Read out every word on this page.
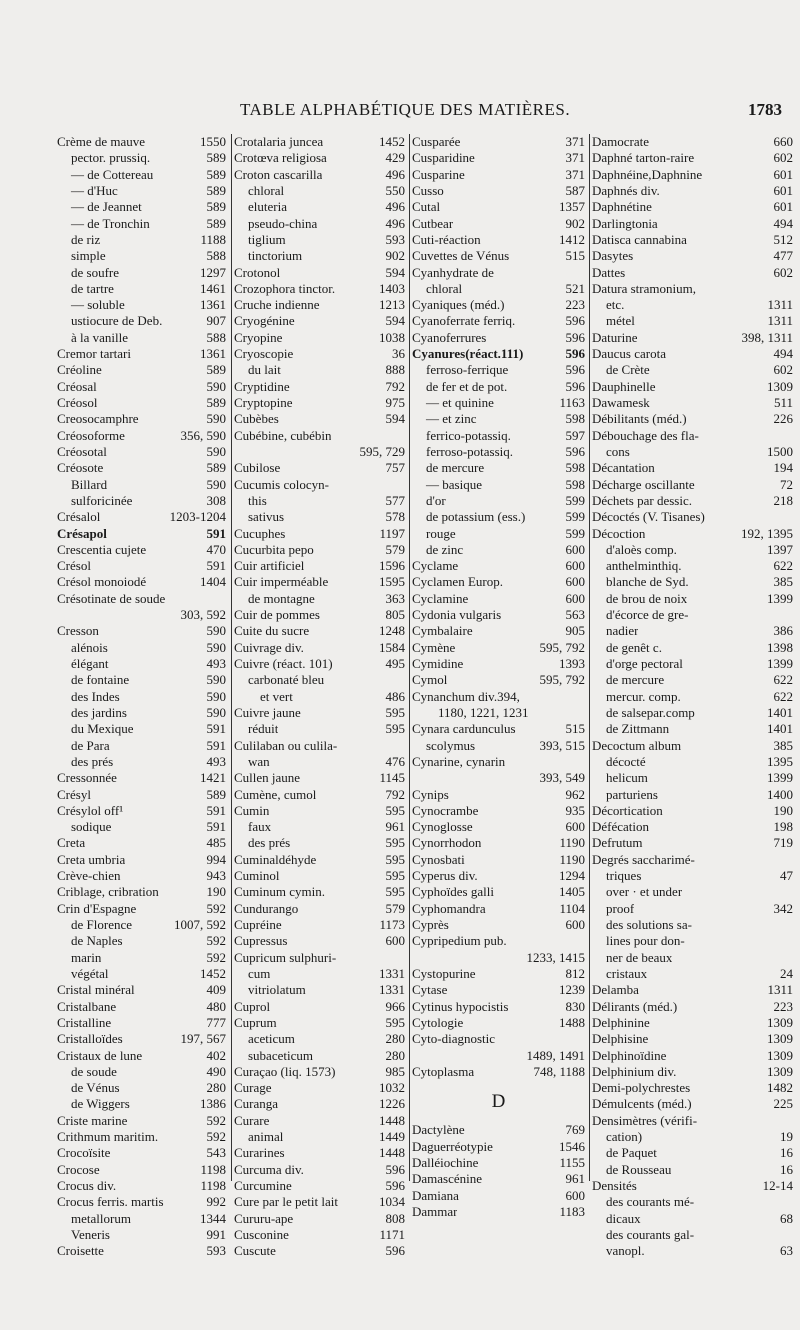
TABLE ALPHABÉTIQUE DES MATIÈRES.	1783
Crème de mauve	1550
pector. prussiq.	589
— de Cottereau	589
— d'Huc	589
— de Jeannet	589
— de Tronchin	589
de riz	1188
simple	588
de soufre	1297
de tartre	1461
— soluble	1361
ustiocure de Deb.	907
à la vanille	588
Cremor tartari	1361
Créoline	589
Créosal	590
Créosol	589
Creosocamphre	590
Créosoforme	356, 590
Créosotal	590
Créosote	589
Billard	590
sulforicinée	308
Crésalol	1203-1204
Crésapol	591
Crescentia cujete	470
Crésol	591
Crésol monoiodé	1404
Crésotinate de soude
303, 592
Cresson	590
alénois	590
élégant	493
de fontaine	590
des Indes	590
des jardins	590
du Mexique	591
de Para	591
des prés	493
Cressonnée	1421
Crésyl	589
Crésylol off¹	591
sodique	591
Creta	485
Creta umbria	994
Crève-chien	943
Criblage, cribration	190
Crin d'Espagne	592
de Florence	1007, 592
de Naples	592
marin	592
végétal	1452
Cristal minéral	409
Cristalbane	480
Cristalline	777
Cristalloïdes	197, 567
Cristaux de lune	402
de soude	490
de Vénus	280
de Wiggers	1386
Criste marine	592
Crithmum maritim.	592
Crocoïsite	543
Crocose	1198
Crocus div.	1198
Crocus ferris. martis	992
metallorum	1344
Veneris	991
Croisette	593
Crotalaria juncea	1452
Crotœva religiosa	429
Croton cascarilla	496
chloral	550
eluteria	496
pseudo-china	496
tiglium	593
tinctorium	902
Crotonol	594
Crozophora tinctor.	1403
Cruche indienne	1213
Cryogénine	594
Cryopine	1038
Cryoscopie	36
du lait	888
Cryptidine	792
Cryptopine	975
Cubèbes	594
Cubébine, cubébin
595, 729
Cubilose	757
Cucumis colocyn-
this	577
sativus	578
Cucuphes	1197
Cucurbita pepo	579
Cuir artificiel	1596
Cuir imperméable	1595
de montagne	363
Cuir de pommes	805
Cuite du sucre	1248
Cuivrage div.	1584
Cuivre (réact. 101)	495
carbonaté bleu
et vert	486
Cuivre jaune	595
réduit	595
Culilaban ou culila-
wan	476
Cullen jaune	1145
Cumène, cumol	792
Cumin	595
faux	961
des prés	595
Cuminaldéhyde	595
Cuminol	595
Cuminum cymin.	595
Cundurango	579
Cupréine	1173
Cupressus	600
Cupricum sulphuri-
cum	1331
vitriolatum	1331
Cuprol	966
Cuprum	595
aceticum	280
subaceticum	280
Curaçao (liq. 1573)	985
Curage	1032
Curanga	1226
Curare	1448
animal	1449
Curarines	1448
Curcuma div.	596
Curcumine	596
Cure par le petit lait	1034
Cururu-ape	808
Cusconine	1171
Cuscute	596
Cusparée	371
Cusparidine	371
Cusparine	371
Cusso	587
Cutal	1357
Cutbear	902
Cuti-réaction	1412
Cuvettes de Vénus	515
Cyanhydrate de
chloral	521
Cyaniques (méd.)	223
Cyanoferrate ferriq.	596
Cyanoferrures	596
Cyanures(réact.111)	596
ferroso-ferrique	596
de fer et de pot.	596
— et quinine	1163
— et zinc	598
ferrico-potassiq.	597
ferroso-potassiq.	596
de mercure	598
— basique	598
d'or	599
de potassium (ess.)	599
rouge	599
de zinc	600
Cyclame	600
Cyclamen Europ.	600
Cyclamine	600
Cydonia vulgaris	563
Cymbalaire	905
Cymène	595, 792
Cymidine	1393
Cymol	595, 792
Cynanchum div.394,
1180, 1221, 1231
Cynara cardunculus	515
scolymus	393, 515
Cynarine, cynarin
393, 549
Cynips	962
Cynocrambe	935
Cynoglosse	600
Cynorrhodon	1190
Cynosbati	1190
Cyperus div.	1294
Cyphoïdes galli	1405
Cyphomandra	1104
Cyprès	600
Cypripedium pub.
1233, 1415
Cystopurine	812
Cytase	1239
Cytinus hypocistis	830
Cytologie	1488
Cyto-diagnostic
1489, 1491
Cytoplasma	748, 1188
D
Dactylène	769
Daguerréotypie	1546
Dalléiochine	1155
Damascénine	961
Damiana	600
Dammar	1183
Damocrate	660
Daphné tarton-raire	602
Daphnéine,Daphnine	601
Daphnés div.	601
Daphnétine	601
Darlingtonia	494
Datisca cannabina	512
Dasytes	477
Dattes	602
Datura stramonium,
etc.	1311
métel	1311
Daturine	398, 1311
Daucus carota	494
de Crète	602
Dauphinelle	1309
Dawamesk	511
Débilitants (méd.)	226
Débouchage des fla-
cons	1500
Décantation	194
Décharge oscillante	72
Déchets par dessic.	218
Décoctés (V. Tisanes)
Décoction	192, 1395
d'aloès comp.	1397
anthelminthiq.	622
blanche de Syd.	385
de brou de noix	1399
d'écorce de gre-
nadier	386
de genêt c.	1398
d'orge pectoral	1399
de mercure	622
mercur. comp.	622
de salsepar.comp	1401
de Zittmann	1401
Decoctum album	385
décocté	1395
helicum	1399
parturiens	1400
Décortication	190
Défécation	198
Defrutum	719
Degrés saccharimé-
triques	47
over · et under
proof	342
des solutions sa-
lines pour don-
ner de beaux
cristaux	24
Delamba	1311
Délirants (méd.)	223
Delphinine	1309
Delphisine	1309
Delphinoïdine	1309
Delphinium div.	1309
Demi-polychrestes	1482
Démulcents (méd.)	225
Densimètres (vérifi-
cation)	19
de Paquet	16
de Rousseau	16
Densités	12-14
des courants mé-
dicaux	68
des courants gal-
vanopl.	63
